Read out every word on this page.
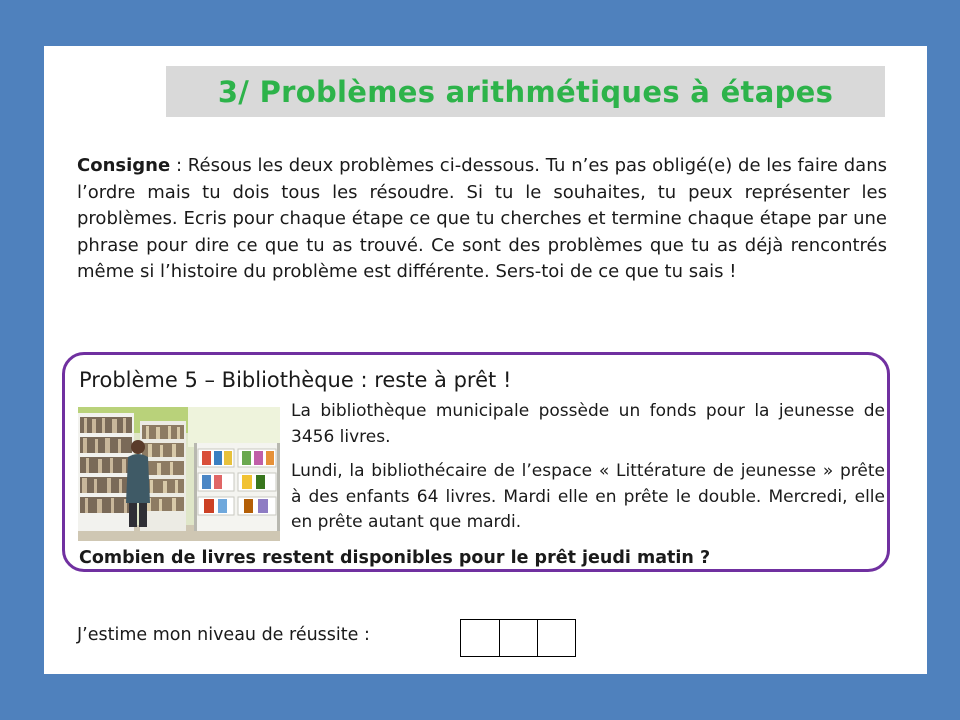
3/ Problèmes arithmétiques à étapes
Consigne : Résous les deux problèmes ci-dessous. Tu n’es pas obligé(e) de les faire dans l’ordre mais tu dois tous les résoudre. Si tu le souhaites, tu peux représenter les problèmes. Ecris pour chaque étape ce que tu cherches et termine chaque étape par une phrase pour dire ce que tu as trouvé. Ce sont des problèmes que tu as déjà rencontrés même si l’histoire du problème est différente. Sers-toi de ce que tu sais !
Problème 5 – Bibliothèque : reste à prêt !

La bibliothèque municipale possède un fonds pour la jeunesse de 3456 livres.

Lundi, la bibliothécaire de l’espace « Littérature de jeunesse » prête à des enfants 64 livres. Mardi elle en prête le double. Mercredi, elle en prête autant que mardi.

Combien de livres restent disponibles pour le prêt jeudi matin ?
J’estime mon niveau de réussite :
